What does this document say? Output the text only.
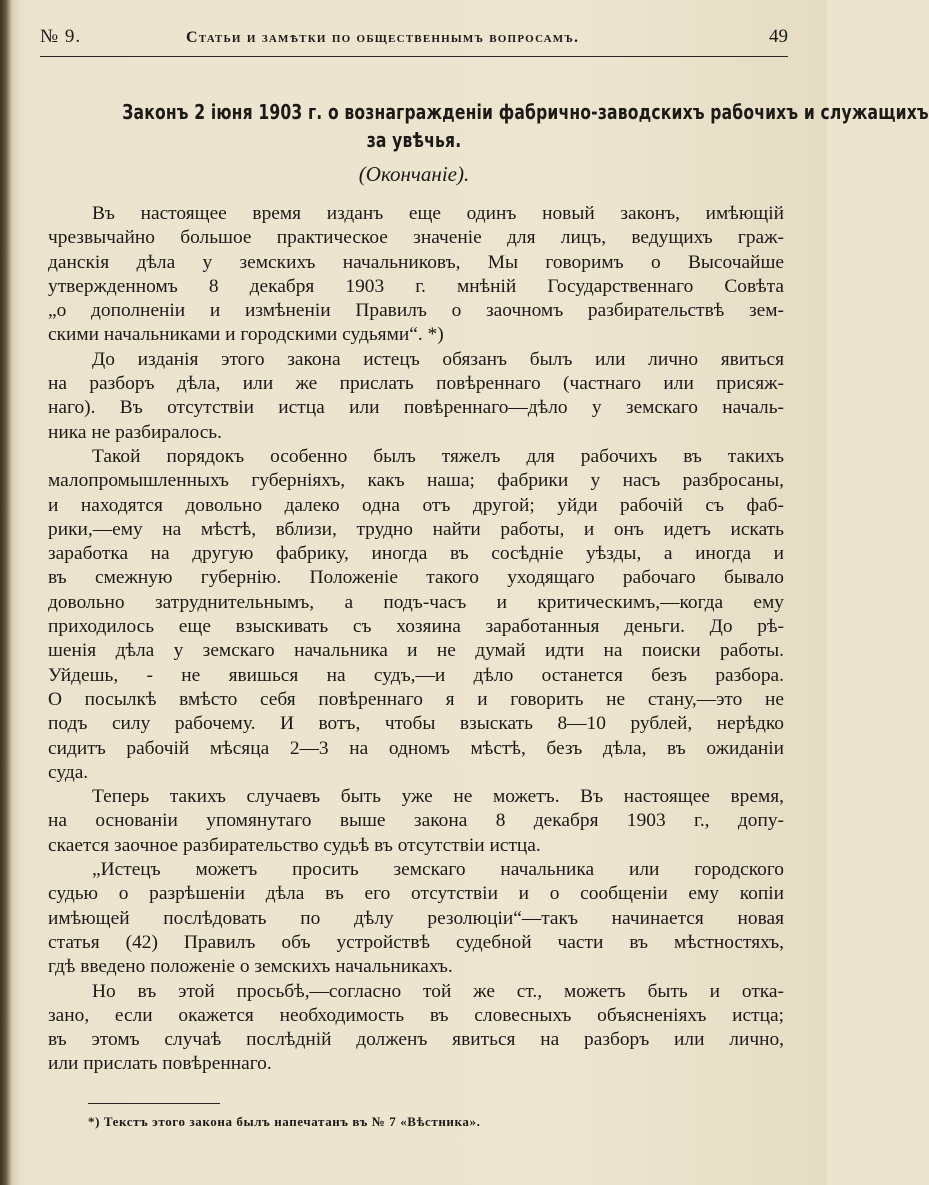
№ 9.	Статьи и замѣтки по общественнымъ вопросамъ.	49
Законъ 2 іюня 1903 г. о вознагражденіи фабрично-заводскихъ рабочихъ и служащихъ
за увѣчья.
(Окончаніе).
Въ настоящее время изданъ еще одинъ новый законъ, имѣющій
чрезвычайно большое практическое значеніе для лицъ, ведущихъ граж-
данскія дѣла у земскихъ начальниковъ, Мы говоримъ о Высочайше
утвержденномъ 8 декабря 1903 г. мнѣній Государственнаго Совѣта
„о дополненіи и измѣненіи Правилъ о заочномъ разбирательствѣ зем-
скими начальниками и городскими судьями“. *)
До изданія этого закона истецъ обязанъ былъ или лично явиться
на разборъ дѣла, или же прислать повѣреннаго (частнаго или присяж-
наго). Въ отсутствіи истца или повѣреннаго—дѣло у земскаго началь-
ника не разбиралось.
Такой порядокъ особенно былъ тяжелъ для рабочихъ въ такихъ
малопромышленныхъ губерніяхъ, какъ наша; фабрики у насъ разбросаны,
и находятся довольно далеко одна отъ другой; уйди рабочій съ фаб-
рики,—ему на мѣстѣ, вблизи, трудно найти работы, и онъ идетъ искать
заработка на другую фабрику, иногда въ сосѣдніе уѣзды, а иногда и
въ смежную губернію. Положеніе такого уходящаго рабочаго бывало
довольно затруднительнымъ, а подъ-часъ и критическимъ,—когда ему
приходилось еще взыскивать съ хозяина заработанныя деньги. До рѣ-
шенія дѣла у земскаго начальника и не думай идти на поиски работы.
Уйдешь, - не явишься на судъ,—и дѣло останется безъ разбора.
О посылкѣ вмѣсто себя повѣреннаго я и говорить не стану,—это не
подъ силу рабочему. И вотъ, чтобы взыскать 8—10 рублей, нерѣдко
сидитъ рабочій мѣсяца 2—3 на одномъ мѣстѣ, безъ дѣла, въ ожиданіи
суда.
Теперь такихъ случаевъ быть уже не можетъ. Въ настоящее время,
на основаніи упомянутаго выше закона 8 декабря 1903 г., допу-
скается заочное разбирательство судьѣ въ отсутствіи истца.
„Истецъ можетъ просить земскаго начальника или городского
судью о разрѣшеніи дѣла въ его отсутствіи и о сообщеніи ему копіи
имѣющей послѣдовать по дѣлу резолюціи“—такъ начинается новая
статья (42) Правилъ объ устройствѣ судебной части въ мѣстностяхъ,
гдѣ введено положеніе о земскихъ начальникахъ.
Но въ этой просьбѣ,—согласно той же ст., можетъ быть и отка-
зано, если окажется необходимость въ словесныхъ объясненіяхъ истца;
въ этомъ случаѣ послѣдній долженъ явиться на разборъ или лично,
или прислать повѣреннаго.
*) Текстъ этого закона былъ напечатанъ въ № 7 «Вѣстника».
